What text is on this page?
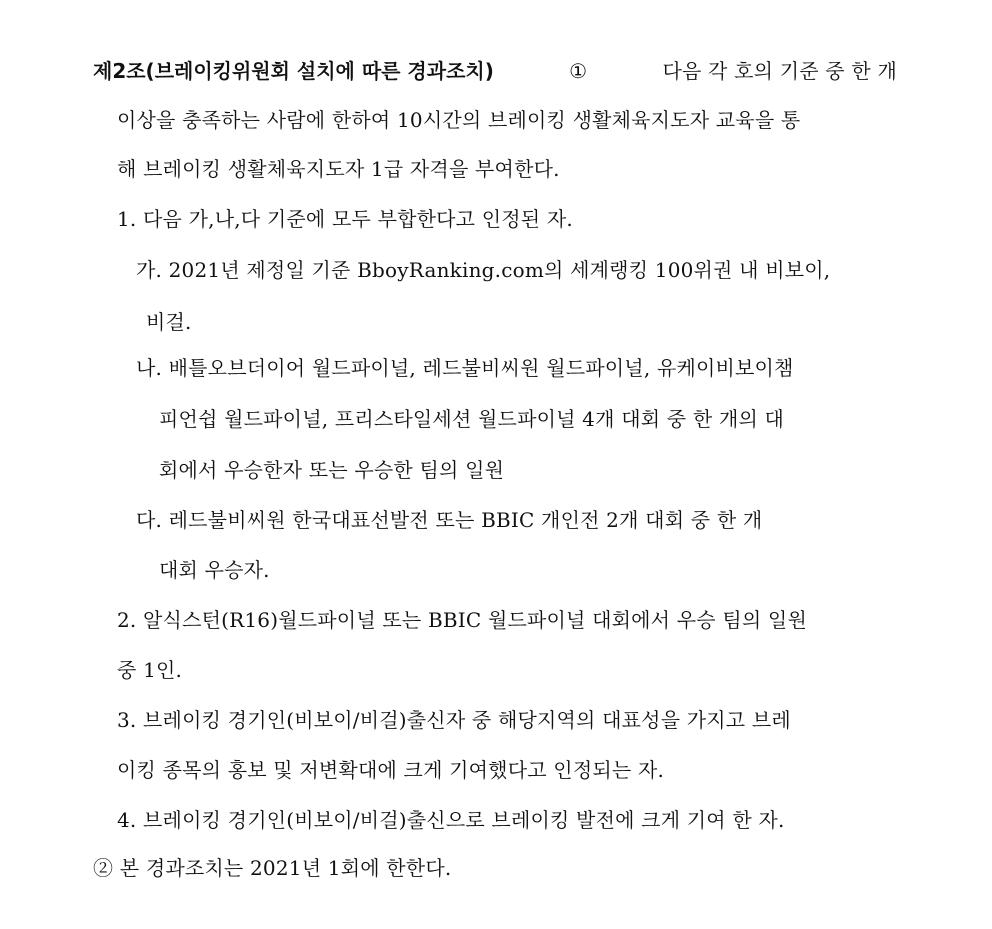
제2조(브레이킹위원회 설치에 따른 경과조치)	①	다음 각 호의 기준 중 한 개
이상을 충족하는 사람에 한하여 10시간의 브레이킹 생활체육지도자 교육을 통
해 브레이킹 생활체육지도자 1급 자격을 부여한다.
1. 다음 가,나,다 기준에 모두 부합한다고 인정된 자.
가. 2021년 제정일 기준 BboyRanking.com의 세계랭킹 100위권 내 비보이,
비걸.
나. 배틀오브더이어 월드파이널, 레드불비씨원 월드파이널, 유케이비보이챔
피언쉽 월드파이널, 프리스타일세션 월드파이널 4개 대회 중 한 개의 대
회에서 우승한자 또는 우승한 팀의 일원
다. 레드불비씨원 한국대표선발전 또는 BBIC 개인전 2개 대회 중 한 개
대회 우승자.
2. 알식스턴(R16)월드파이널 또는 BBIC 월드파이널 대회에서 우승 팀의 일원
중 1인.
3. 브레이킹 경기인(비보이/비걸)출신자 중 해당지역의 대표성을 가지고 브레
이킹 종목의 홍보 및 저변확대에 크게 기여했다고 인정되는 자.
4. 브레이킹 경기인(비보이/비걸)출신으로 브레이킹 발전에 크게 기여 한 자.
② 본 경과조치는 2021년 1회에 한한다.
